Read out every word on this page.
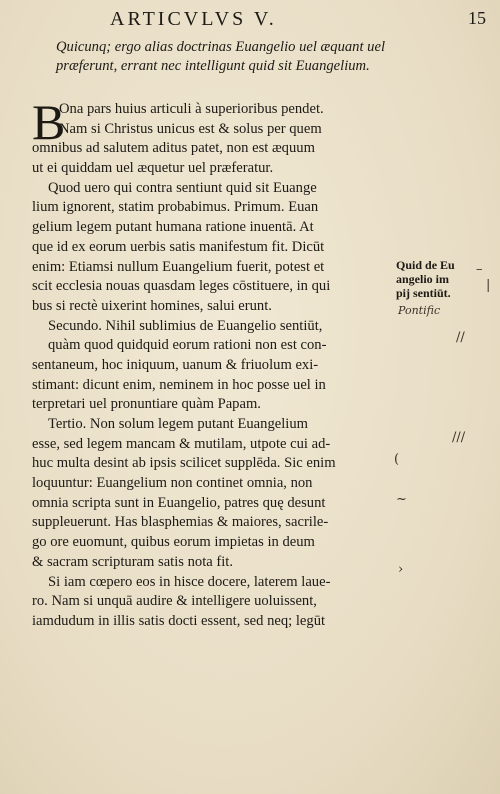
ARTICVLVS V.	15
Quicunq; ergo alias doctrinas Euangelio uel æquant uel
præferunt, errant nec intelligunt quid sit Euangelium.
B
Ona pars huius articuli à superioribus pendet.
Nam si Christus unicus est & solus per quem
omnibus ad salutem aditus patet, non est æquum
ut ei quiddam uel æquetur uel præferatur.
Quod uero qui contra sentiunt quid sit Euange
lium ignorent, statim probabimus. Primum. Euan
gelium legem putant humana ratione inuentā. At
que id ex eorum uerbis satis manifestum fit. Dicūt
enim: Etiamsi nullum Euangelium fuerit, potest et
scit ecclesia nouas quasdam leges cōstituere, in qui
bus si rectè uixerint homines, salui erunt.
Secundo. Nihil sublimius de Euangelio sentiūt,
quàm quod quidquid eorum rationi non est con-
sentaneum, hoc iniquum, uanum & friuolum exi-
stimant: dicunt enim, neminem in hoc posse uel in
terpretari uel pronuntiare quàm Papam.
Tertio. Non solum legem putant Euangelium
esse, sed legem mancam & mutilam, utpote cui ad-
huc multa desint ab ipsis scilicet supplēda. Sic enim
loquuntur: Euangelium non continet omnia, non
omnia scripta sunt in Euangelio, patres quę desunt
suppleuerunt. Has blasphemias & maiores, sacrile-
go ore euomunt, quibus eorum impietas in deum
& sacram scripturam satis nota fit.
Si iam cœpero eos in hisce docere, laterem laue-
ro. Nam si unquā audire & intelligere uoluissent,
iamdudum in illis satis docti essent, sed neq; legūt
Quid de Eu
angelio im
pij sentiūt.
Pontific
–
|
//
///
(
~
›
